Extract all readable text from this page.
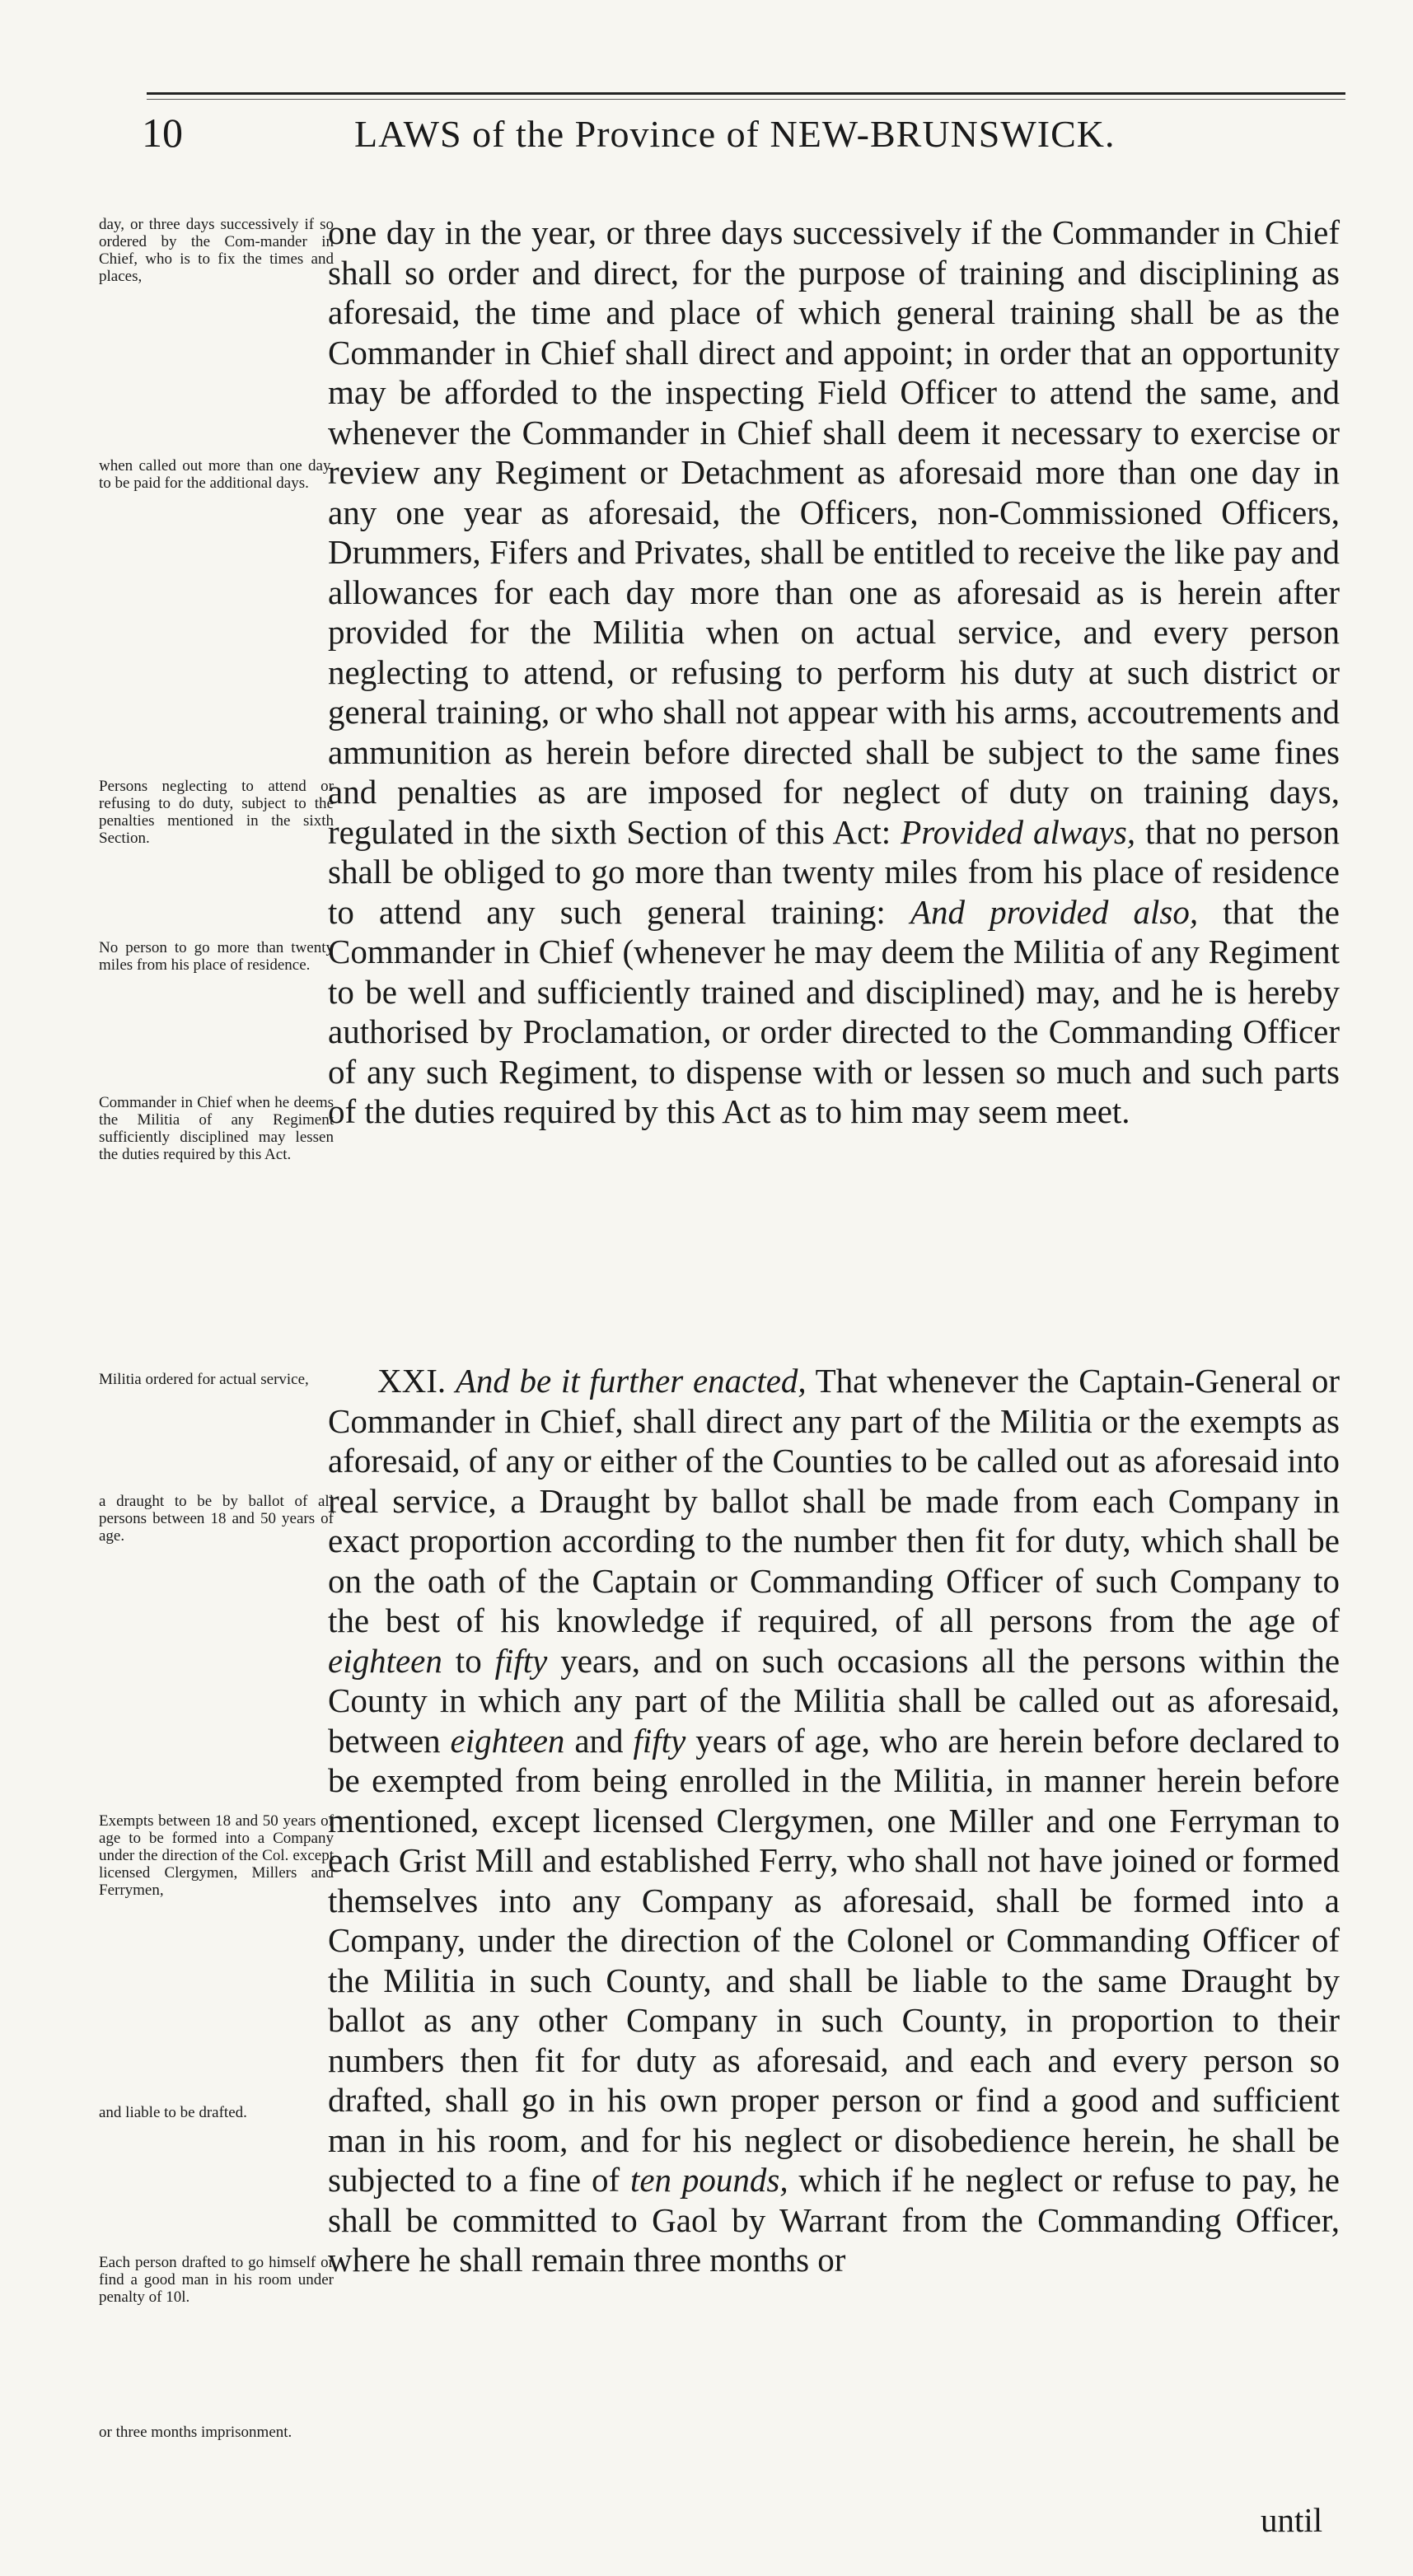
10	LAWS of the Province of NEW-BRUNSWICK.
day, or three days successively if so ordered by the Com-mander in Chief, who is to fix the times and places,
when called out more than one day, to be paid for the additional days.
Persons neglecting to attend or refusing to do duty, subject to the penalties mentioned in the sixth Section.
No person to go more than twenty miles from his place of residence.
Commander in Chief when he deems the Militia of any Regiment sufficiently disciplined may lessen the duties required by this Act.
Militia ordered for actual service,
a draught to be by ballot of all persons between 18 and 50 years of age.
Exempts between 18 and 50 years of age to be formed into a Company under the direction of the Col. except licensed Clergymen, Millers and Ferrymen,
and liable to be drafted.
Each person drafted to go himself or find a good man in his room under penalty of 10l.
or three months imprisonment.

one day in the year, or three days successively if the Commander in Chief shall so order and direct, for the purpose of training and disciplining as aforesaid, the time and place of which general training shall be as the Commander in Chief shall direct and appoint; in order that an opportunity may be afforded to the inspecting Field Officer to attend the same, and whenever the Commander in Chief shall deem it necessary to exercise or review any Regiment or Detachment as aforesaid more than one day in any one year as aforesaid, the Officers, non-Commissioned Officers, Drummers, Fifers and Privates, shall be entitled to receive the like pay and allowances for each day more than one as aforesaid as is herein after provided for the Militia when on actual service, and every person neglecting to attend, or refusing to perform his duty at such district or general training, or who shall not appear with his arms, accoutrements and ammunition as herein before directed shall be subject to the same fines and penalties as are imposed for neglect of duty on training days, regulated in the sixth Section of this Act: Provided always, that no person shall be obliged to go more than twenty miles from his place of residence to attend any such general training: And provided also, that the Commander in Chief (whenever he may deem the Militia of any Regiment to be well and sufficiently trained and disciplined) may, and he is hereby authorised by Proclamation, or order directed to the Commanding Officer of any such Regiment, to dispense with or lessen so much and such parts of the duties required by this Act as to him may seem meet.

XXI. And be it further enacted, That whenever the Captain-General or Commander in Chief, shall direct any part of the Militia or the exempts as aforesaid, of any or either of the Counties to be called out as aforesaid into real service, a Draught by ballot shall be made from each Company in exact proportion according to the number then fit for duty, which shall be on the oath of the Captain or Commanding Officer of such Company to the best of his knowledge if required, of all persons from the age of eighteen to fifty years, and on such occasions all the persons within the County in which any part of the Militia shall be called out as aforesaid, between eighteen and fifty years of age, who are herein before declared to be exempted from being enrolled in the Militia, in manner herein before mentioned, except licensed Clergymen, one Miller and one Ferryman to each Grist Mill and established Ferry, who shall not have joined or formed themselves into any Company as aforesaid, shall be formed into a Company, under the direction of the Colonel or Commanding Officer of the Militia in such County, and shall be liable to the same Draught by ballot as any other Company in such County, in proportion to their numbers then fit for duty as aforesaid, and each and every person so drafted, shall go in his own proper person or find a good and sufficient man in his room, and for his neglect or disobedience herein, he shall be subjected to a fine of ten pounds, which if he neglect or refuse to pay, he shall be committed to Gaol by Warrant from the Commanding Officer, where he shall remain three months or

until
